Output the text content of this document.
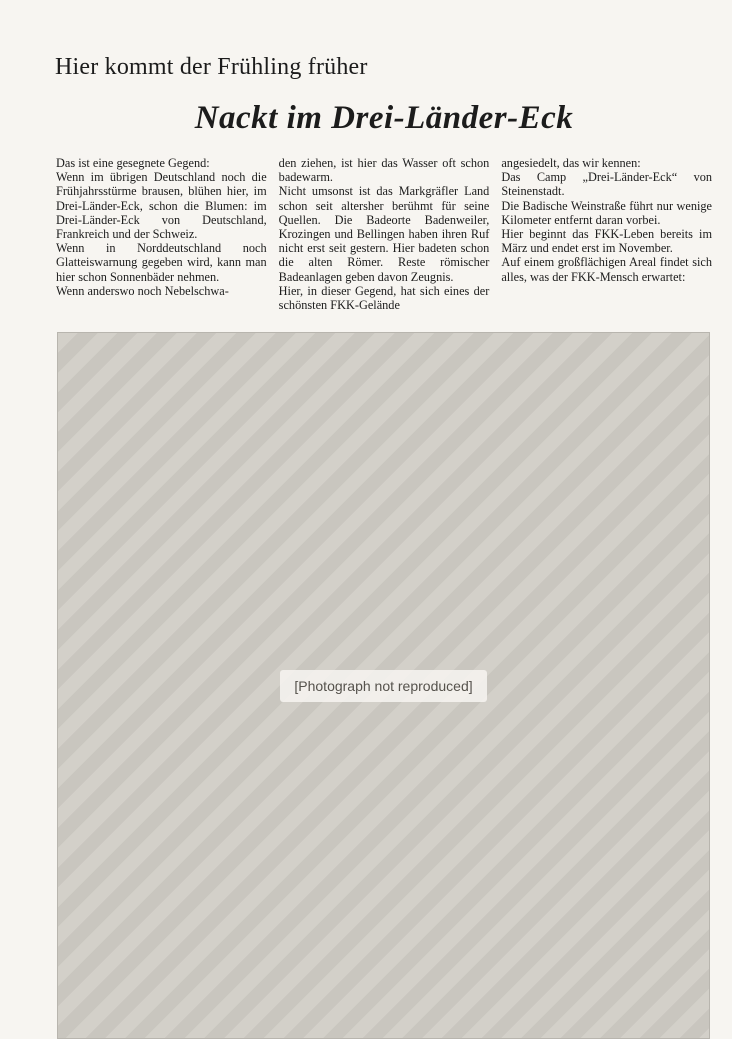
Hier kommt der Frühling früher
Nackt im Drei-Länder-Eck

Das ist eine gesegnete Gegend:

Wenn im übrigen Deutschland noch die Frühjahrsstürme brausen, blühen hier, im Drei-Länder-Eck, schon die Blumen: im Drei-Länder-Eck von Deutschland, Frankreich und der Schweiz.

Wenn in Norddeutschland noch Glatteiswarnung gegeben wird, kann man hier schon Sonnenbäder nehmen.

Wenn anderswo noch Nebelschwa-

den ziehen, ist hier das Wasser oft schon badewarm.

Nicht umsonst ist das Markgräfler Land schon seit altersher berühmt für seine Quellen. Die Badeorte Badenweiler, Krozingen und Bellingen haben ihren Ruf nicht erst seit gestern. Hier badeten schon die alten Römer. Reste römischer Badeanlagen geben davon Zeugnis.

Hier, in dieser Gegend, hat sich eines der schönsten FKK-Gelände

angesiedelt, das wir kennen:

Das Camp „Drei-Länder-Eck“ von Steinenstadt.

Die Badische Weinstraße führt nur wenige Kilometer entfernt daran vorbei.

Hier beginnt das FKK-Leben bereits im März und endet erst im November.

Auf einem großflächigen Areal findet sich alles, was der FKK-Mensch erwartet:

[Photograph not reproduced]
